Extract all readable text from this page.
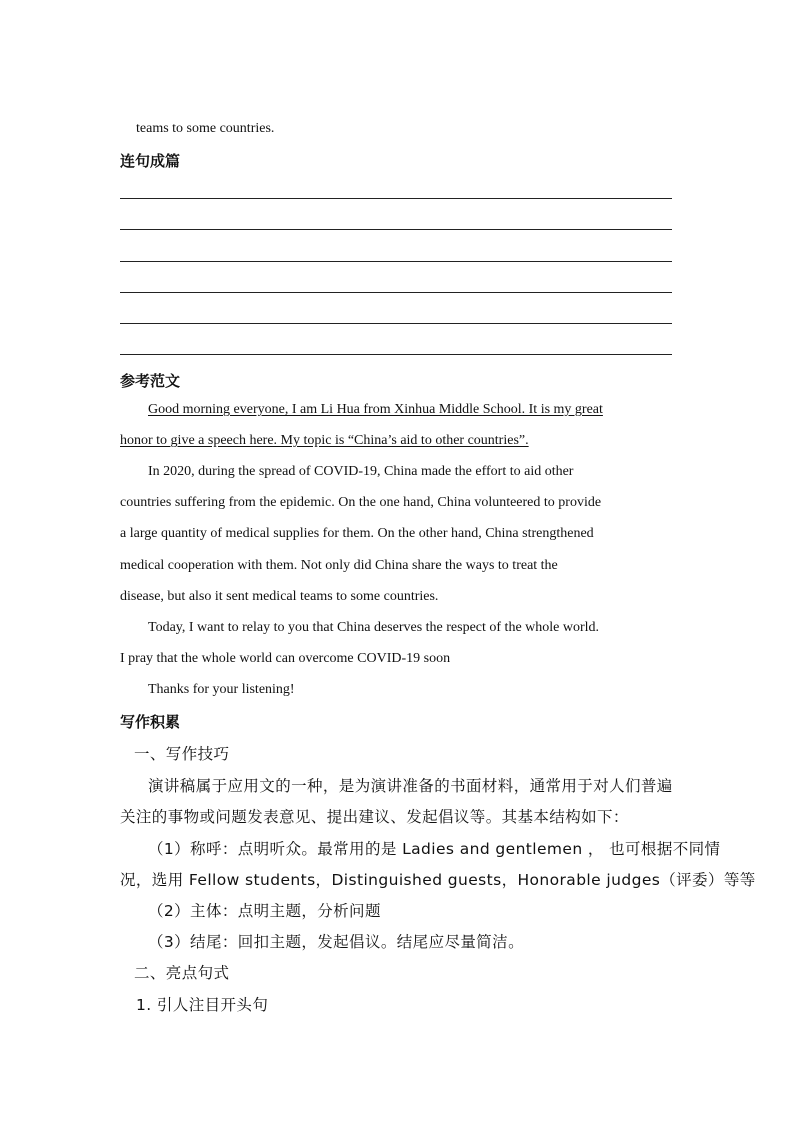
teams to some countries.
连句成篇
参考范文
Good morning everyone, I am Li Hua from Xinhua Middle School. It is my great
honor to give a speech here. My topic is “China’s aid to other countries”.
In 2020, during the spread of COVID-19, China made the effort to aid other
countries suffering from the epidemic. On the one hand, China volunteered to provide
a large quantity of medical supplies for them. On the other hand, China strengthened
medical cooperation with them. Not only did China share the ways to treat the
disease, but also it sent medical teams to some countries.
Today, I want to relay to you that China deserves the respect of the whole world.
I pray that the whole world can overcome COVID-19 soon
Thanks for your listening!
写作积累
一、写作技巧
演讲稿属于应用文的一种，是为演讲准备的书面材料，通常用于对人们普遍
关注的事物或问题发表意见、提出建议、发起倡议等。其基本结构如下：
（1）称呼：点明听众。最常用的是 Ladies and gentlemen ， 也可根据不同情
况，选用 Fellow students，Distinguished guests，Honorable judges（评委）等等
（2）主体：点明主题，分析问题
（3）结尾：回扣主题，发起倡议。结尾应尽量简洁。
二、亮点句式
1. 引人注目开头句
